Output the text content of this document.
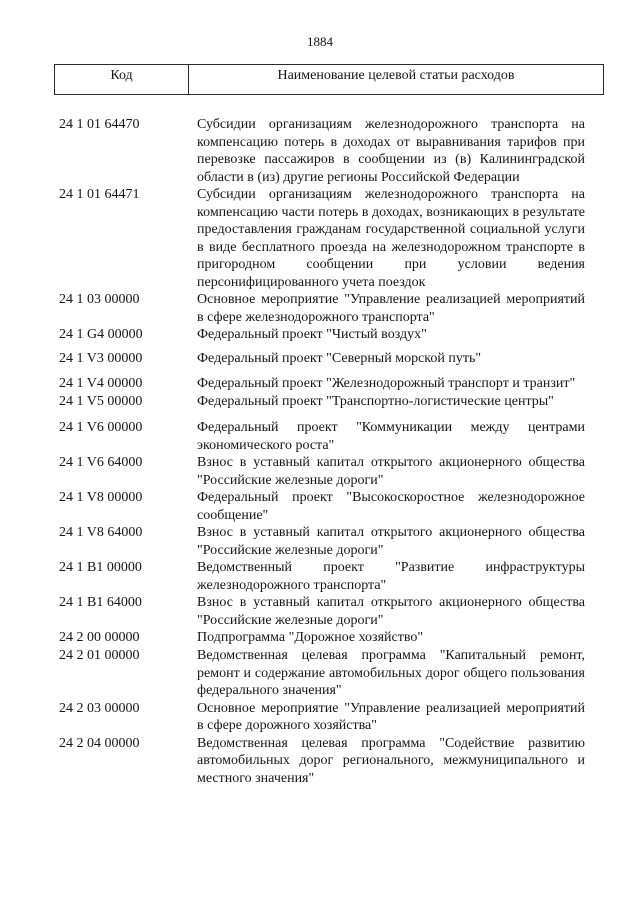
1884
Код	Наименование целевой статьи расходов
24 1 01 64470	Субсидии организациям железнодорожного транспорта на компенсацию потерь в доходах от выравнивания тарифов при перевозке пассажиров в сообщении из (в) Калининградской области в (из) другие регионы Российской Федерации
24 1 01 64471	Субсидии организациям железнодорожного транспорта на компенсацию части потерь в доходах, возникающих в результате предоставления гражданам государственной социальной услуги в виде бесплатного проезда на железнодорожном транспорте в пригородном сообщении при условии ведения персонифицированного учета поездок
24 1 03 00000	Основное мероприятие "Управление реализацией мероприятий в сфере железнодорожного транспорта"
24 1 G4 00000	Федеральный проект "Чистый воздух"
24 1 V3 00000	Федеральный проект "Северный морской путь"
24 1 V4 00000	Федеральный проект "Железнодорожный транспорт и транзит"
24 1 V5 00000	Федеральный проект "Транспортно-логистические центры"
24 1 V6 00000	Федеральный проект "Коммуникации между центрами экономического роста"
24 1 V6 64000	Взнос в уставный капитал открытого акционерного общества "Российские железные дороги"
24 1 V8 00000	Федеральный проект "Высокоскоростное железнодорожное сообщение"
24 1 V8 64000	Взнос в уставный капитал открытого акционерного общества "Российские железные дороги"
24 1 B1 00000	Ведомственный проект "Развитие инфраструктуры железнодорожного транспорта"
24 1 B1 64000	Взнос в уставный капитал открытого акционерного общества "Российские железные дороги"
24 2 00 00000	Подпрограмма "Дорожное хозяйство"
24 2 01 00000	Ведомственная целевая программа "Капитальный ремонт, ремонт и содержание автомобильных дорог общего пользования федерального значения"
24 2 03 00000	Основное мероприятие "Управление реализацией мероприятий в сфере дорожного хозяйства"
24 2 04 00000	Ведомственная целевая программа "Содействие развитию автомобильных дорог регионального, межмуниципального и местного значения"
